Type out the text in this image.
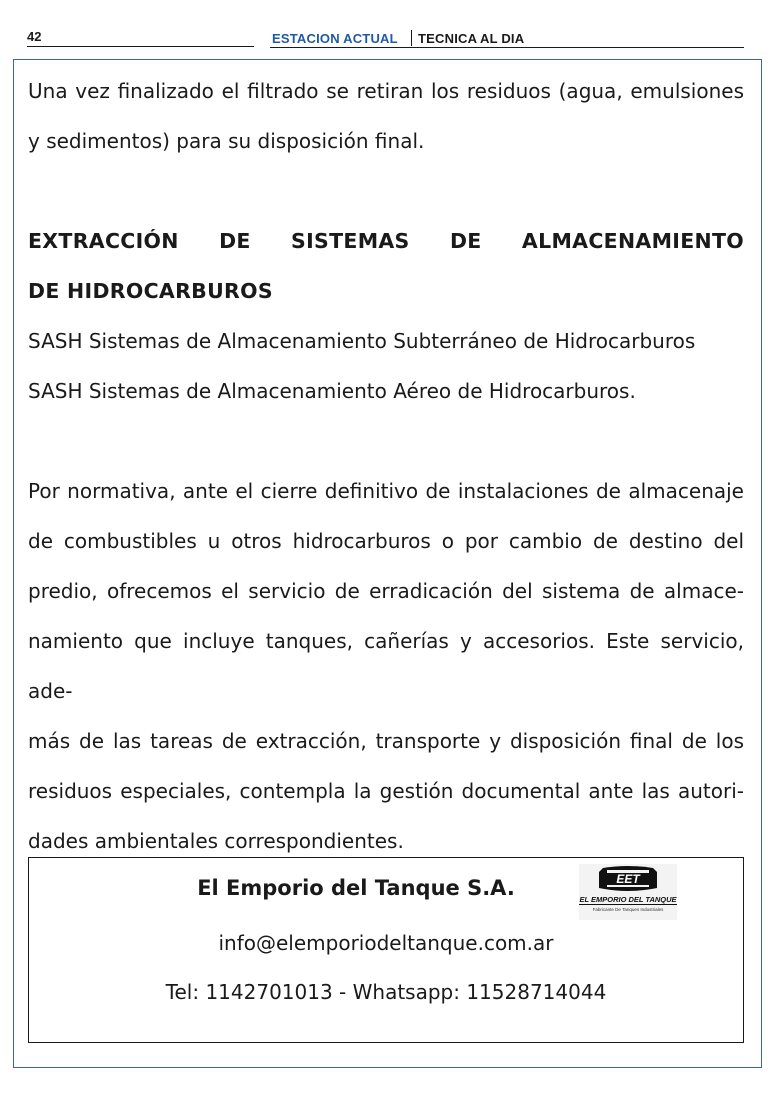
42	ESTACION ACTUAL TECNICA AL DIA

Una vez finalizado el filtrado se retiran los residuos (agua, emulsiones

y sedimentos) para su disposición final.

EXTRACCIÓN DE SISTEMAS DE ALMACENAMIENTO

DE HIDROCARBUROS

SASH Sistemas de Almacenamiento Subterráneo de Hidrocarburos

SASH Sistemas de Almacenamiento Aéreo de Hidrocarburos.

Por normativa, ante el cierre definitivo de instalaciones de almacenaje

de combustibles u otros hidrocarburos o por cambio de destino del

predio, ofrecemos el servicio de erradicación del sistema de almace-

namiento que incluye tanques, cañerías y accesorios. Este servicio, ade-

más de las tareas de extracción, transporte y disposición final de los

residuos especiales, contempla la gestión documental ante las autori-

dades ambientales correspondientes.

El Emporio del Tanque S.A.	EET
EL EMPORIO DEL TANQUE
Fabricante De Tanques Industriales
info@elemporiodeltanque.com.ar
Tel: 1142701013 - Whatsapp: 11528714044
